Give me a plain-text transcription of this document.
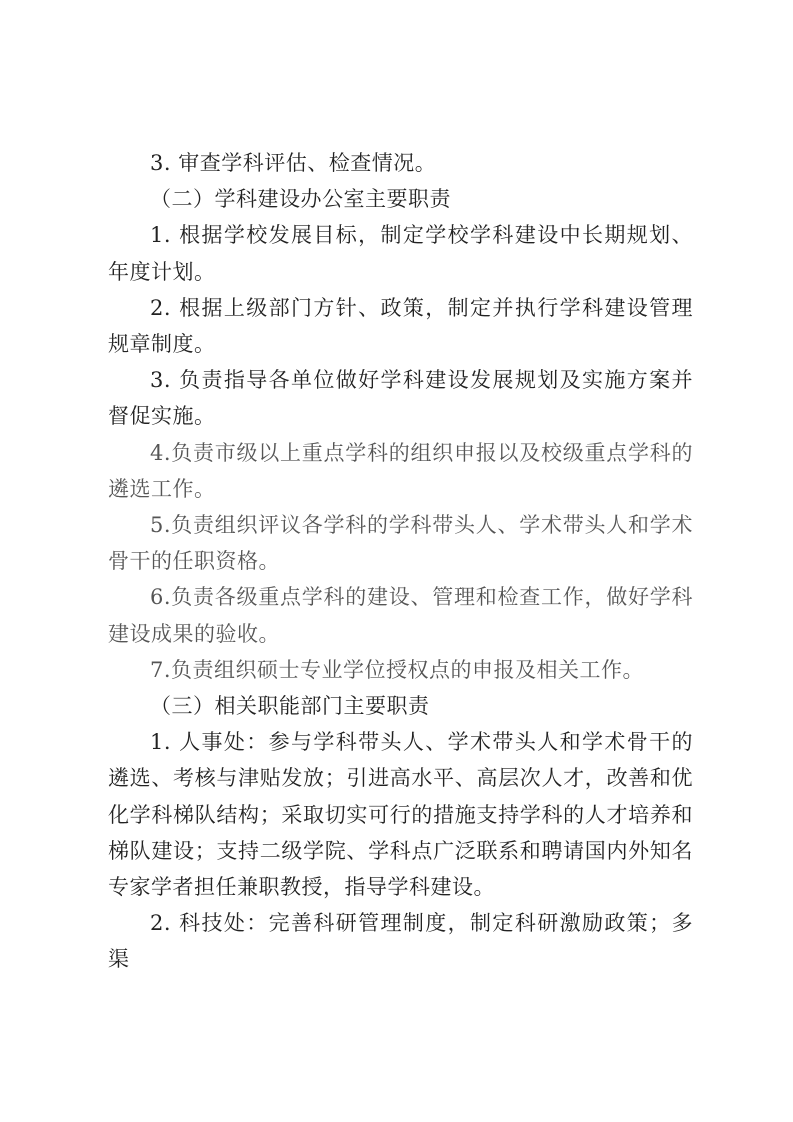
3. 审查学科评估、检查情况。

（二）学科建设办公室主要职责

1. 根据学校发展目标，制定学校学科建设中长期规划、年度计划。

2. 根据上级部门方针、政策，制定并执行学科建设管理规章制度。

3. 负责指导各单位做好学科建设发展规划及实施方案并督促实施。

4.负责市级以上重点学科的组织申报以及校级重点学科的遴选工作。

5.负责组织评议各学科的学科带头人、学术带头人和学术骨干的任职资格。

6.负责各级重点学科的建设、管理和检查工作，做好学科建设成果的验收。

7.负责组织硕士专业学位授权点的申报及相关工作。

（三）相关职能部门主要职责

1. 人事处：参与学科带头人、学术带头人和学术骨干的遴选、考核与津贴发放；引进高水平、高层次人才，改善和优化学科梯队结构；采取切实可行的措施支持学科的人才培养和梯队建设；支持二级学院、学科点广泛联系和聘请国内外知名专家学者担任兼职教授，指导学科建设。

2. 科技处：完善科研管理制度，制定科研激励政策；多渠
